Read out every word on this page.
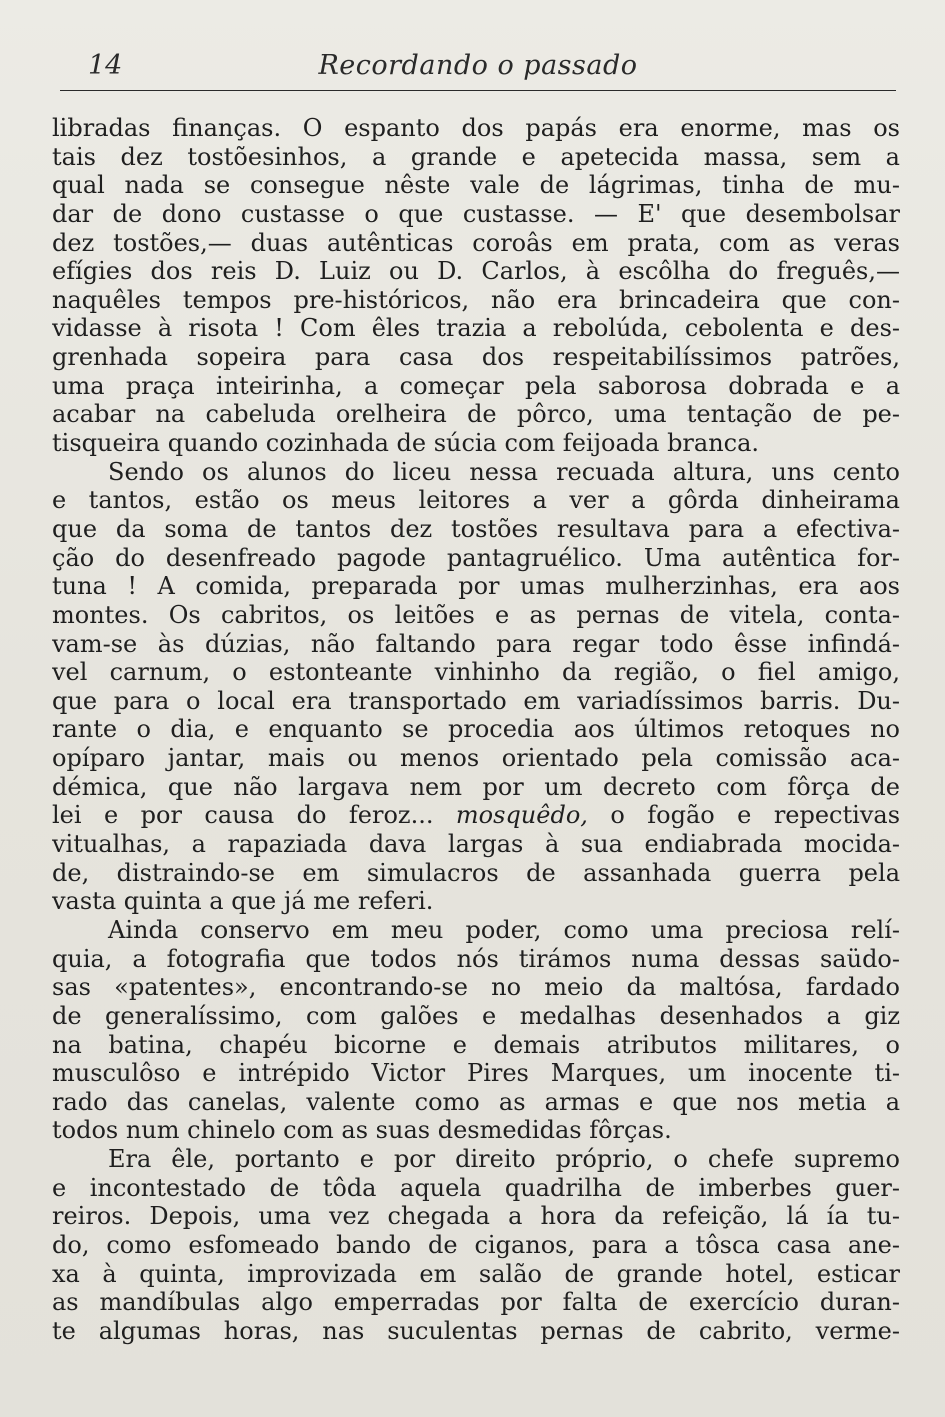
14	Recordando o passado
libradas finanças. O espanto dos papás era enorme, mas os
tais dez tostõesinhos, a grande e apetecida massa, sem a
qual nada se consegue nêste vale de lágrimas, tinha de mu-
dar de dono custasse o que custasse. — E' que desembolsar
dez tostões,— duas autênticas coroâs em prata, com as veras
efígies dos reis D. Luiz ou D. Carlos, à escôlha do freguês,—
naquêles tempos pre-históricos, não era brincadeira que con-
vidasse à risota ! Com êles trazia a rebolúda, cebolenta e des-
grenhada sopeira para casa dos respeitabilíssimos patrões,
uma praça inteirinha, a começar pela saborosa dobrada e a
acabar na cabeluda orelheira de pôrco, uma tentação de pe-
tisqueira quando cozinhada de súcia com feijoada branca.
Sendo os alunos do liceu nessa recuada altura, uns cento
e tantos, estão os meus leitores a ver a gôrda dinheirama
que da soma de tantos dez tostões resultava para a efectiva-
ção do desenfreado pagode pantagruélico. Uma autêntica for-
tuna ! A comida, preparada por umas mulherzinhas, era aos
montes. Os cabritos, os leitões e as pernas de vitela, conta-
vam-se às dúzias, não faltando para regar todo êsse infindá-
vel carnum, o estonteante vinhinho da região, o fiel amigo,
que para o local era transportado em variadíssimos barris. Du-
rante o dia, e enquanto se procedia aos últimos retoques no
opíparo jantar, mais ou menos orientado pela comissão aca-
démica, que não largava nem por um decreto com fôrça de
lei e por causa do feroz... mosquêdo, o fogão e repectivas
vitualhas, a rapaziada dava largas à sua endiabrada mocida-
de, distraindo-se em simulacros de assanhada guerra pela
vasta quinta a que já me referi.
Ainda conservo em meu poder, como uma preciosa relí-
quia, a fotografia que todos nós tirámos numa dessas saüdo-
sas «patentes», encontrando-se no meio da maltósa, fardado
de generalíssimo, com galões e medalhas desenhados a giz
na batina, chapéu bicorne e demais atributos militares, o
musculôso e intrépido Victor Pires Marques, um inocente ti-
rado das canelas, valente como as armas e que nos metia a
todos num chinelo com as suas desmedidas fôrças.
Era êle, portanto e por direito próprio, o chefe supremo
e incontestado de tôda aquela quadrilha de imberbes guer-
reiros. Depois, uma vez chegada a hora da refeição, lá ía tu-
do, como esfomeado bando de ciganos, para a tôsca casa ane-
xa à quinta, improvizada em salão de grande hotel, esticar
as mandíbulas algo emperradas por falta de exercício duran-
te algumas horas, nas suculentas pernas de cabrito, verme-
